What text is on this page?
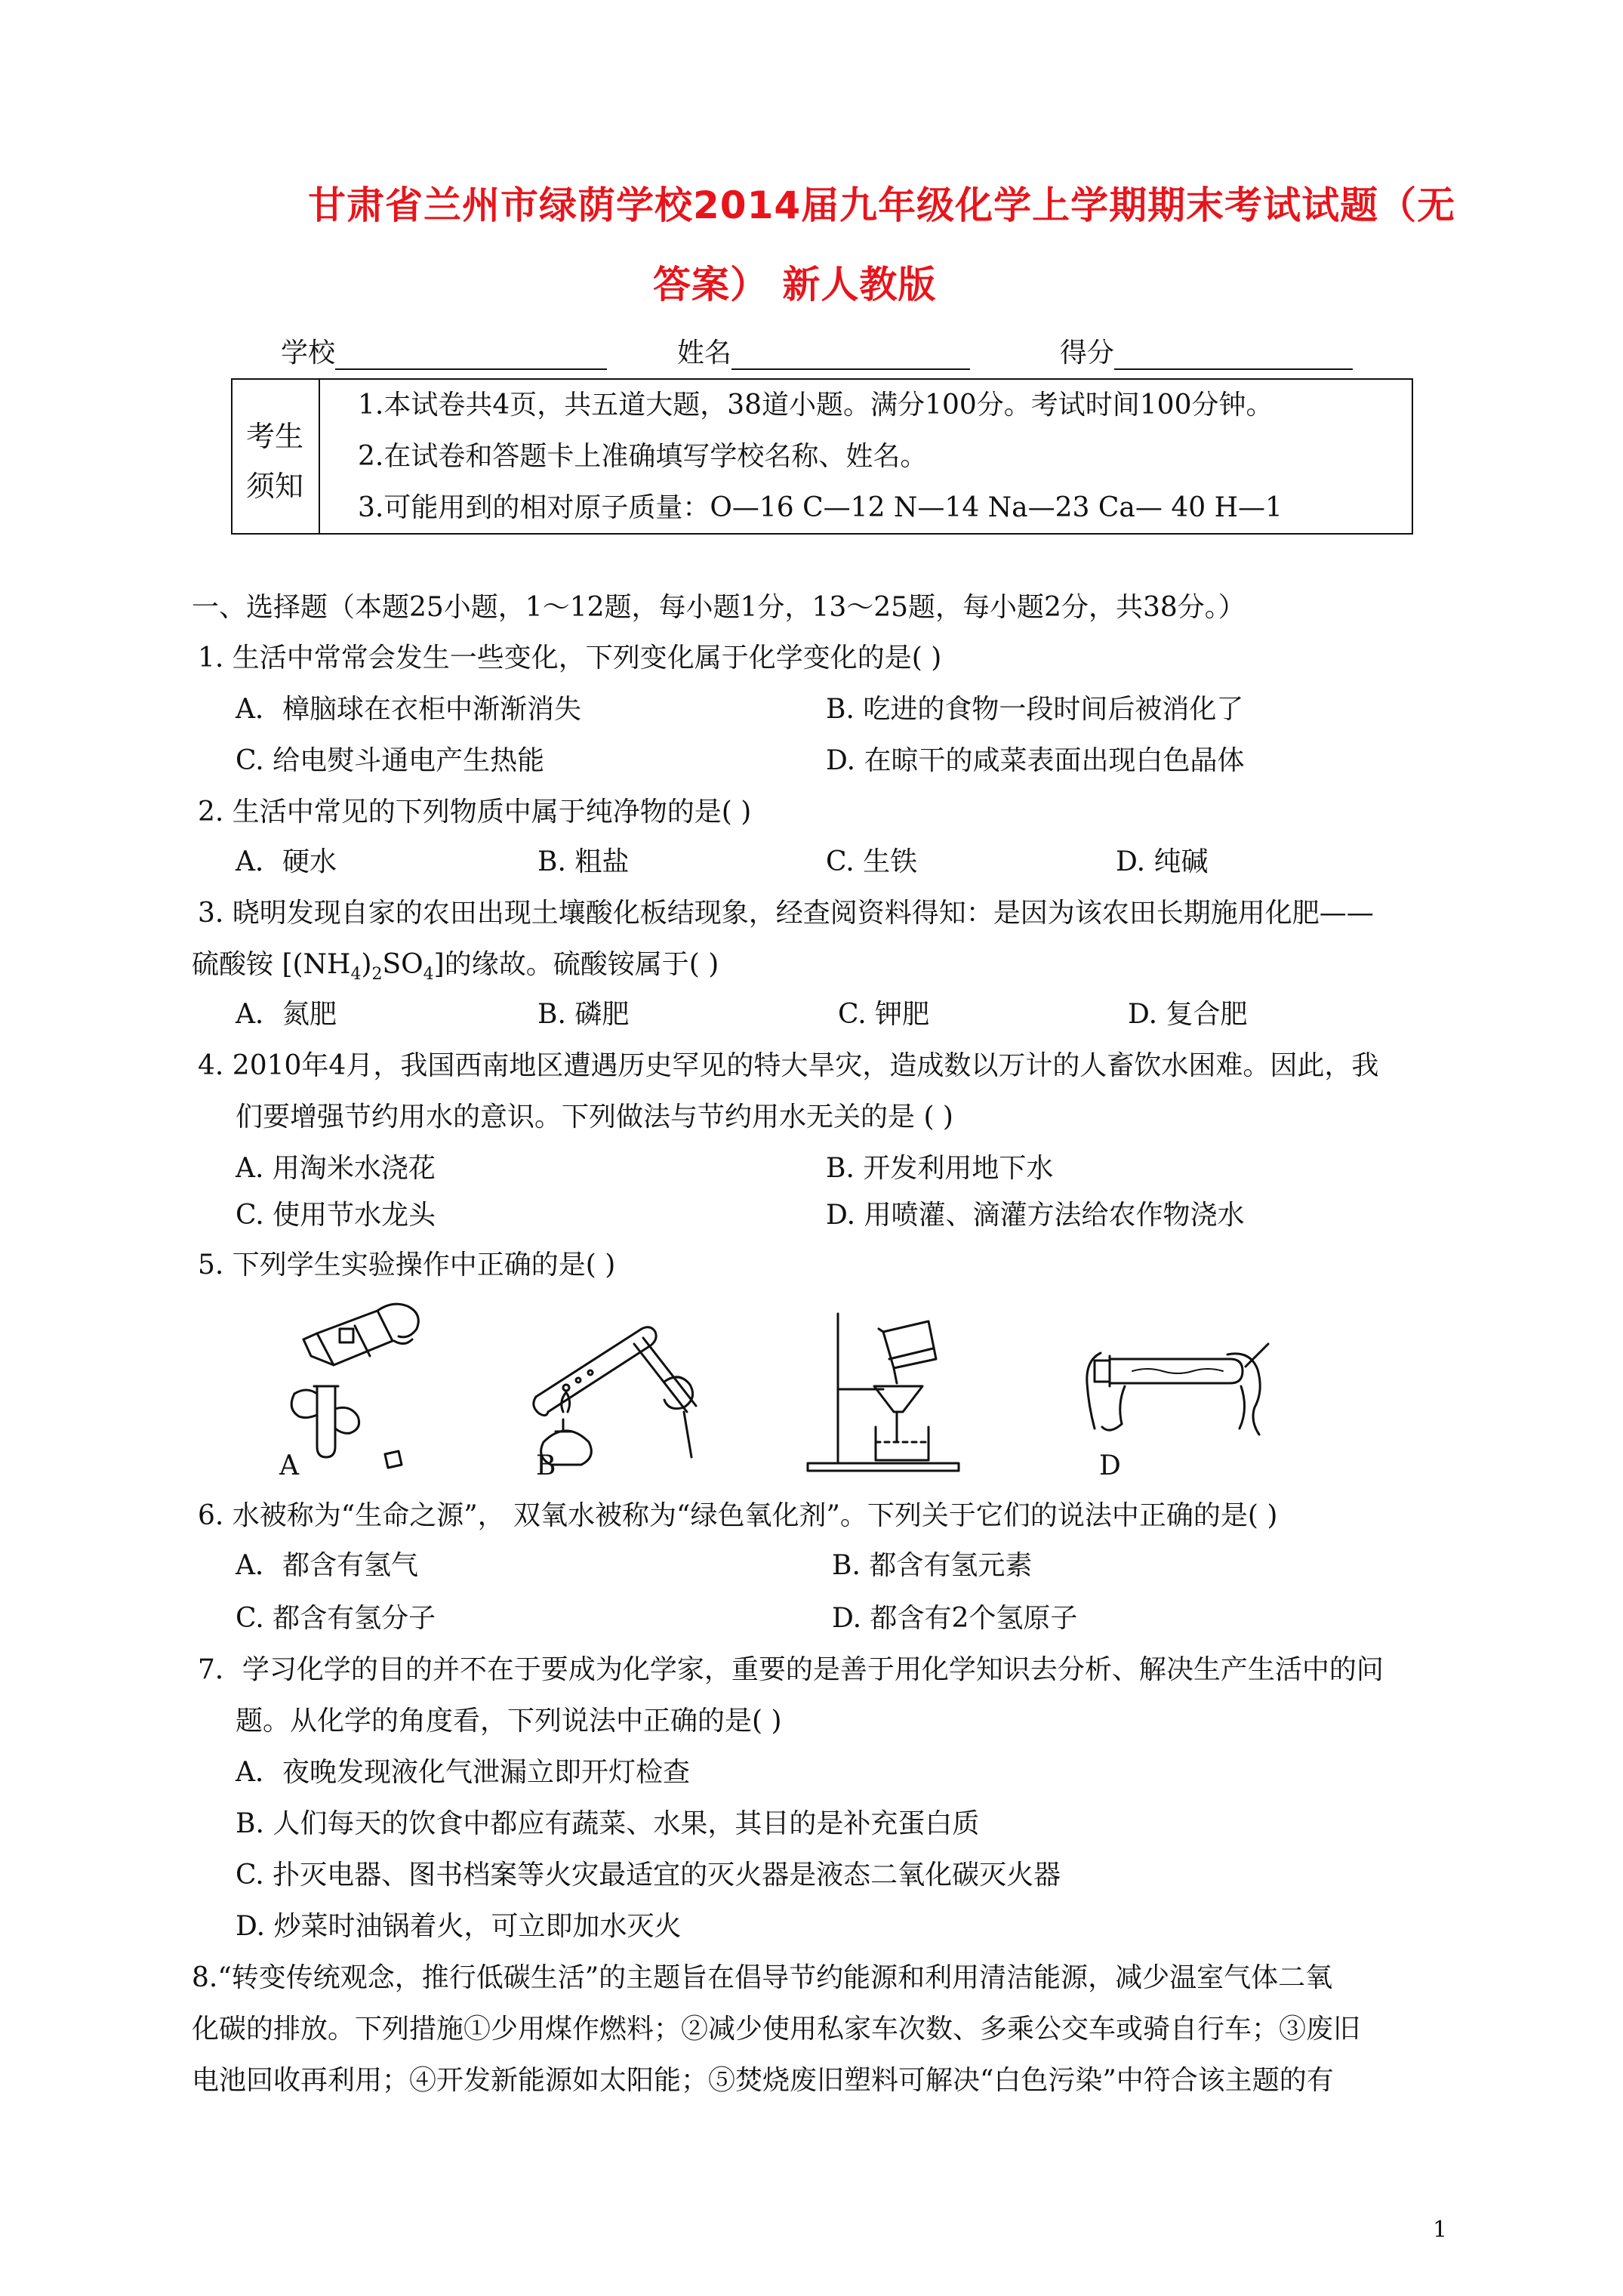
甘肃省兰州市绿荫学校2014届九年级化学上学期期末考试试题（无
答案） 新人教版
学校	姓名	得分
考生
须知
1.本试卷共4页，共五道大题，38道小题。满分100分。考试时间100分钟。
2.在试卷和答题卡上准确填写学校名称、姓名。
3.可能用到的相对原子质量：O—16 C—12 N—14 Na—23 Ca— 40 H—1
一、选择题（本题25小题，1～12题，每小题1分，13～25题，每小题2分，共38分。）
1. 生活中常常会发生一些变化，下列变化属于化学变化的是( )
A．樟脑球在衣柜中渐渐消失	B. 吃进的食物一段时间后被消化了
C. 给电熨斗通电产生热能	D. 在晾干的咸菜表面出现白色晶体
2. 生活中常见的下列物质中属于纯净物的是( )
A．硬水	B. 粗盐	C. 生铁	D. 纯碱
3. 晓明发现自家的农田出现土壤酸化板结现象，经查阅资料得知：是因为该农田长期施用化肥——
硫酸铵 $[(NH_4)_2SO_4]$的缘故。硫酸铵属于( )
A．氮肥	B. 磷肥	C. 钾肥	D. 复合肥
4. 2010年4月，我国西南地区遭遇历史罕见的特大旱灾，造成数以万计的人畜饮水困难。因此，我
们要增强节约用水的意识。下列做法与节约用水无关的是 ( )
A. 用淘米水浇花	B. 开发利用地下水
C. 使用节水龙头	D. 用喷灌、滴灌方法给农作物浇水
5. 下列学生实验操作中正确的是( )
A	B	D
6. 水被称为“生命之源”， 双氧水被称为“绿色氧化剂”。下列关于它们的说法中正确的是( )
A．都含有氢气	B. 都含有氢元素
C. 都含有氢分子	D. 都含有2个氢原子
7．学习化学的目的并不在于要成为化学家，重要的是善于用化学知识去分析、解决生产生活中的问
题。从化学的角度看，下列说法中正确的是( )
A．夜晚发现液化气泄漏立即开灯检查
B. 人们每天的饮食中都应有蔬菜、水果，其目的是补充蛋白质
C. 扑灭电器、图书档案等火灾最适宜的灭火器是液态二氧化碳灭火器
D. 炒菜时油锅着火，可立即加水灭火
8.“转变传统观念，推行低碳生活”的主题旨在倡导节约能源和利用清洁能源，减少温室气体二氧
化碳的排放。下列措施①少用煤作燃料；②减少使用私家车次数、多乘公交车或骑自行车；③废旧
电池回收再利用；④开发新能源如太阳能；⑤焚烧废旧塑料可解决“白色污染”中符合该主题的有
1
